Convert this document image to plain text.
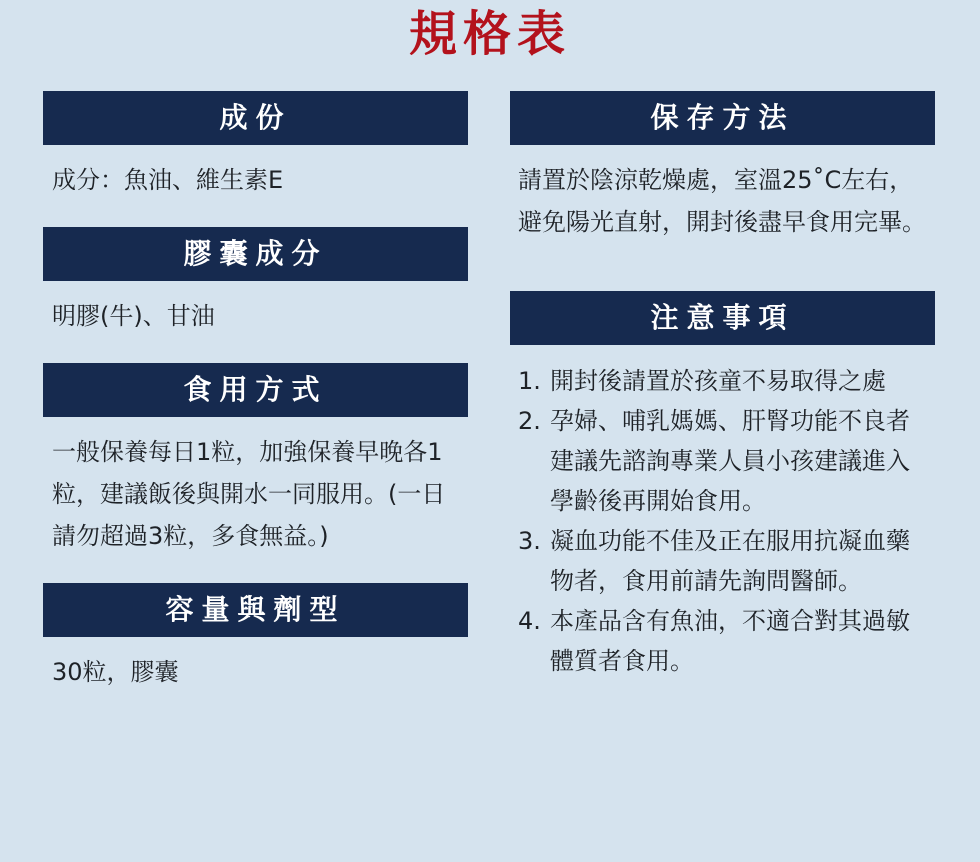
規格表
成份
成分：魚油、維生素E
膠囊成分
明膠(牛)、甘油
食用方式
一般保養每日1粒，加強保養早晚各1粒，建議飯後與開水一同服用。(一日請勿超過3粒，多食無益。)
容量與劑型
30粒，膠囊
保存方法
請置於陰涼乾燥處，室溫25˚C左右，避免陽光直射，開封後盡早食用完畢。
注意事項
1. 開封後請置於孩童不易取得之處
2. 孕婦、哺乳媽媽、肝腎功能不良者建議先諮詢專業人員小孩建議進入學齡後再開始食用。
3. 凝血功能不佳及正在服用抗凝血藥物者，食用前請先詢問醫師。
4. 本產品含有魚油，不適合對其過敏體質者食用。
